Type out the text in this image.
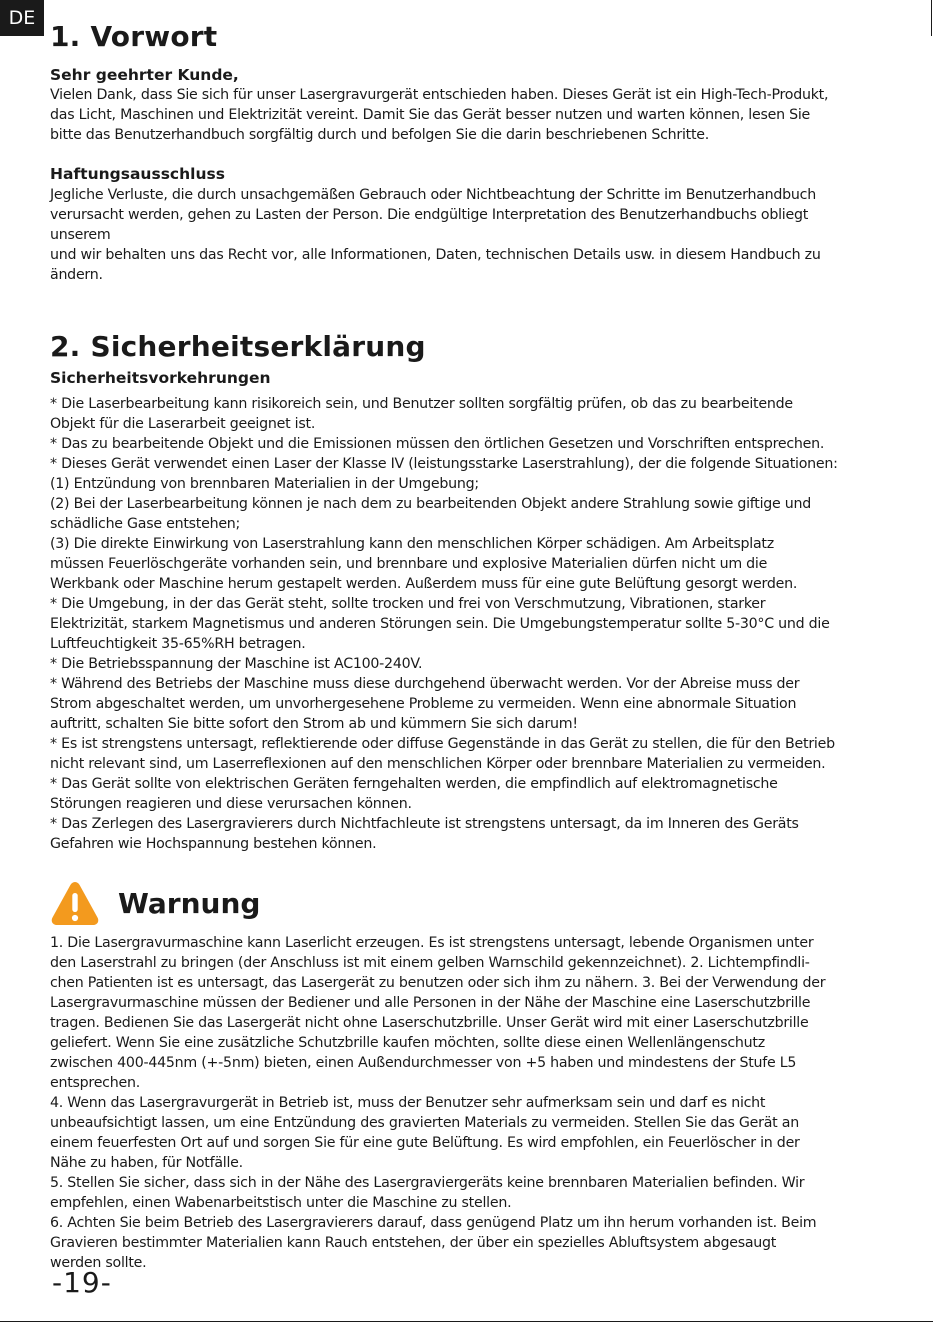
DE
1. Vorwort
Sehr geehrter Kunde,
Vielen Dank, dass Sie sich für unser Lasergravurgerät entschieden haben. Dieses Gerät ist ein High-Tech-Produkt,
das Licht, Maschinen und Elektrizität vereint. Damit Sie das Gerät besser nutzen und warten können, lesen Sie
bitte das Benutzerhandbuch sorgfältig durch und befolgen Sie die darin beschriebenen Schritte.
Haftungsausschluss
Jegliche Verluste, die durch unsachgemäßen Gebrauch oder Nichtbeachtung der Schritte im Benutzerhandbuch
verursacht werden, gehen zu Lasten der Person. Die endgültige Interpretation des Benutzerhandbuchs obliegt
unserem
und wir behalten uns das Recht vor, alle Informationen, Daten, technischen Details usw. in diesem Handbuch zu
ändern.
2. Sicherheitserklärung
Sicherheitsvorkehrungen
* Die Laserbearbeitung kann risikoreich sein, und Benutzer sollten sorgfältig prüfen, ob das zu bearbeitende
Objekt für die Laserarbeit geeignet ist.
* Das zu bearbeitende Objekt und die Emissionen müssen den örtlichen Gesetzen und Vorschriften entsprechen.
* Dieses Gerät verwendet einen Laser der Klasse IV (leistungsstarke Laserstrahlung), der die folgende Situationen:
(1) Entzündung von brennbaren Materialien in der Umgebung;
(2) Bei der Laserbearbeitung können je nach dem zu bearbeitenden Objekt andere Strahlung sowie giftige und
schädliche Gase entstehen;
(3) Die direkte Einwirkung von Laserstrahlung kann den menschlichen Körper schädigen. Am Arbeitsplatz
müssen Feuerlöschgeräte vorhanden sein, und brennbare und explosive Materialien dürfen nicht um die
Werkbank oder Maschine herum gestapelt werden. Außerdem muss für eine gute Belüftung gesorgt werden.
* Die Umgebung, in der das Gerät steht, sollte trocken und frei von Verschmutzung, Vibrationen, starker
Elektrizität, starkem Magnetismus und anderen Störungen sein. Die Umgebungstemperatur sollte 5-30°C und die
Luftfeuchtigkeit 35-65%RH betragen.
* Die Betriebsspannung der Maschine ist AC100-240V.
* Während des Betriebs der Maschine muss diese durchgehend überwacht werden. Vor der Abreise muss der
Strom abgeschaltet werden, um unvorhergesehene Probleme zu vermeiden. Wenn eine abnormale Situation
auftritt, schalten Sie bitte sofort den Strom ab und kümmern Sie sich darum!
* Es ist strengstens untersagt, reflektierende oder diffuse Gegenstände in das Gerät zu stellen, die für den Betrieb
nicht relevant sind, um Laserreflexionen auf den menschlichen Körper oder brennbare Materialien zu vermeiden.
* Das Gerät sollte von elektrischen Geräten ferngehalten werden, die empfindlich auf elektromagnetische
Störungen reagieren und diese verursachen können.
* Das Zerlegen des Lasergravierers durch Nichtfachleute ist strengstens untersagt, da im Inneren des Geräts
Gefahren wie Hochspannung bestehen können.
Warnung
1. Die Lasergravurmaschine kann Laserlicht erzeugen. Es ist strengstens untersagt, lebende Organismen unter
den Laserstrahl zu bringen (der Anschluss ist mit einem gelben Warnschild gekennzeichnet). 2. Lichtempfindli-
chen Patienten ist es untersagt, das Lasergerät zu benutzen oder sich ihm zu nähern. 3. Bei der Verwendung der
Lasergravurmaschine müssen der Bediener und alle Personen in der Nähe der Maschine eine Laserschutzbrille
tragen. Bedienen Sie das Lasergerät nicht ohne Laserschutzbrille. Unser Gerät wird mit einer Laserschutzbrille
geliefert. Wenn Sie eine zusätzliche Schutzbrille kaufen möchten, sollte diese einen Wellenlängenschutz
zwischen 400-445nm (+-5nm) bieten, einen Außendurchmesser von +5 haben und mindestens der Stufe L5
entsprechen.
4. Wenn das Lasergravurgerät in Betrieb ist, muss der Benutzer sehr aufmerksam sein und darf es nicht
unbeaufsichtigt lassen, um eine Entzündung des gravierten Materials zu vermeiden. Stellen Sie das Gerät an
einem feuerfesten Ort auf und sorgen Sie für eine gute Belüftung. Es wird empfohlen, ein Feuerlöscher in der
Nähe zu haben, für Notfälle.
5. Stellen Sie sicher, dass sich in der Nähe des Lasergraviergeräts keine brennbaren Materialien befinden. Wir
empfehlen, einen Wabenarbeitstisch unter die Maschine zu stellen.
6. Achten Sie beim Betrieb des Lasergravierers darauf, dass genügend Platz um ihn herum vorhanden ist. Beim
Gravieren bestimmter Materialien kann Rauch entstehen, der über ein spezielles Abluftsystem abgesaugt
werden sollte.
-19-
